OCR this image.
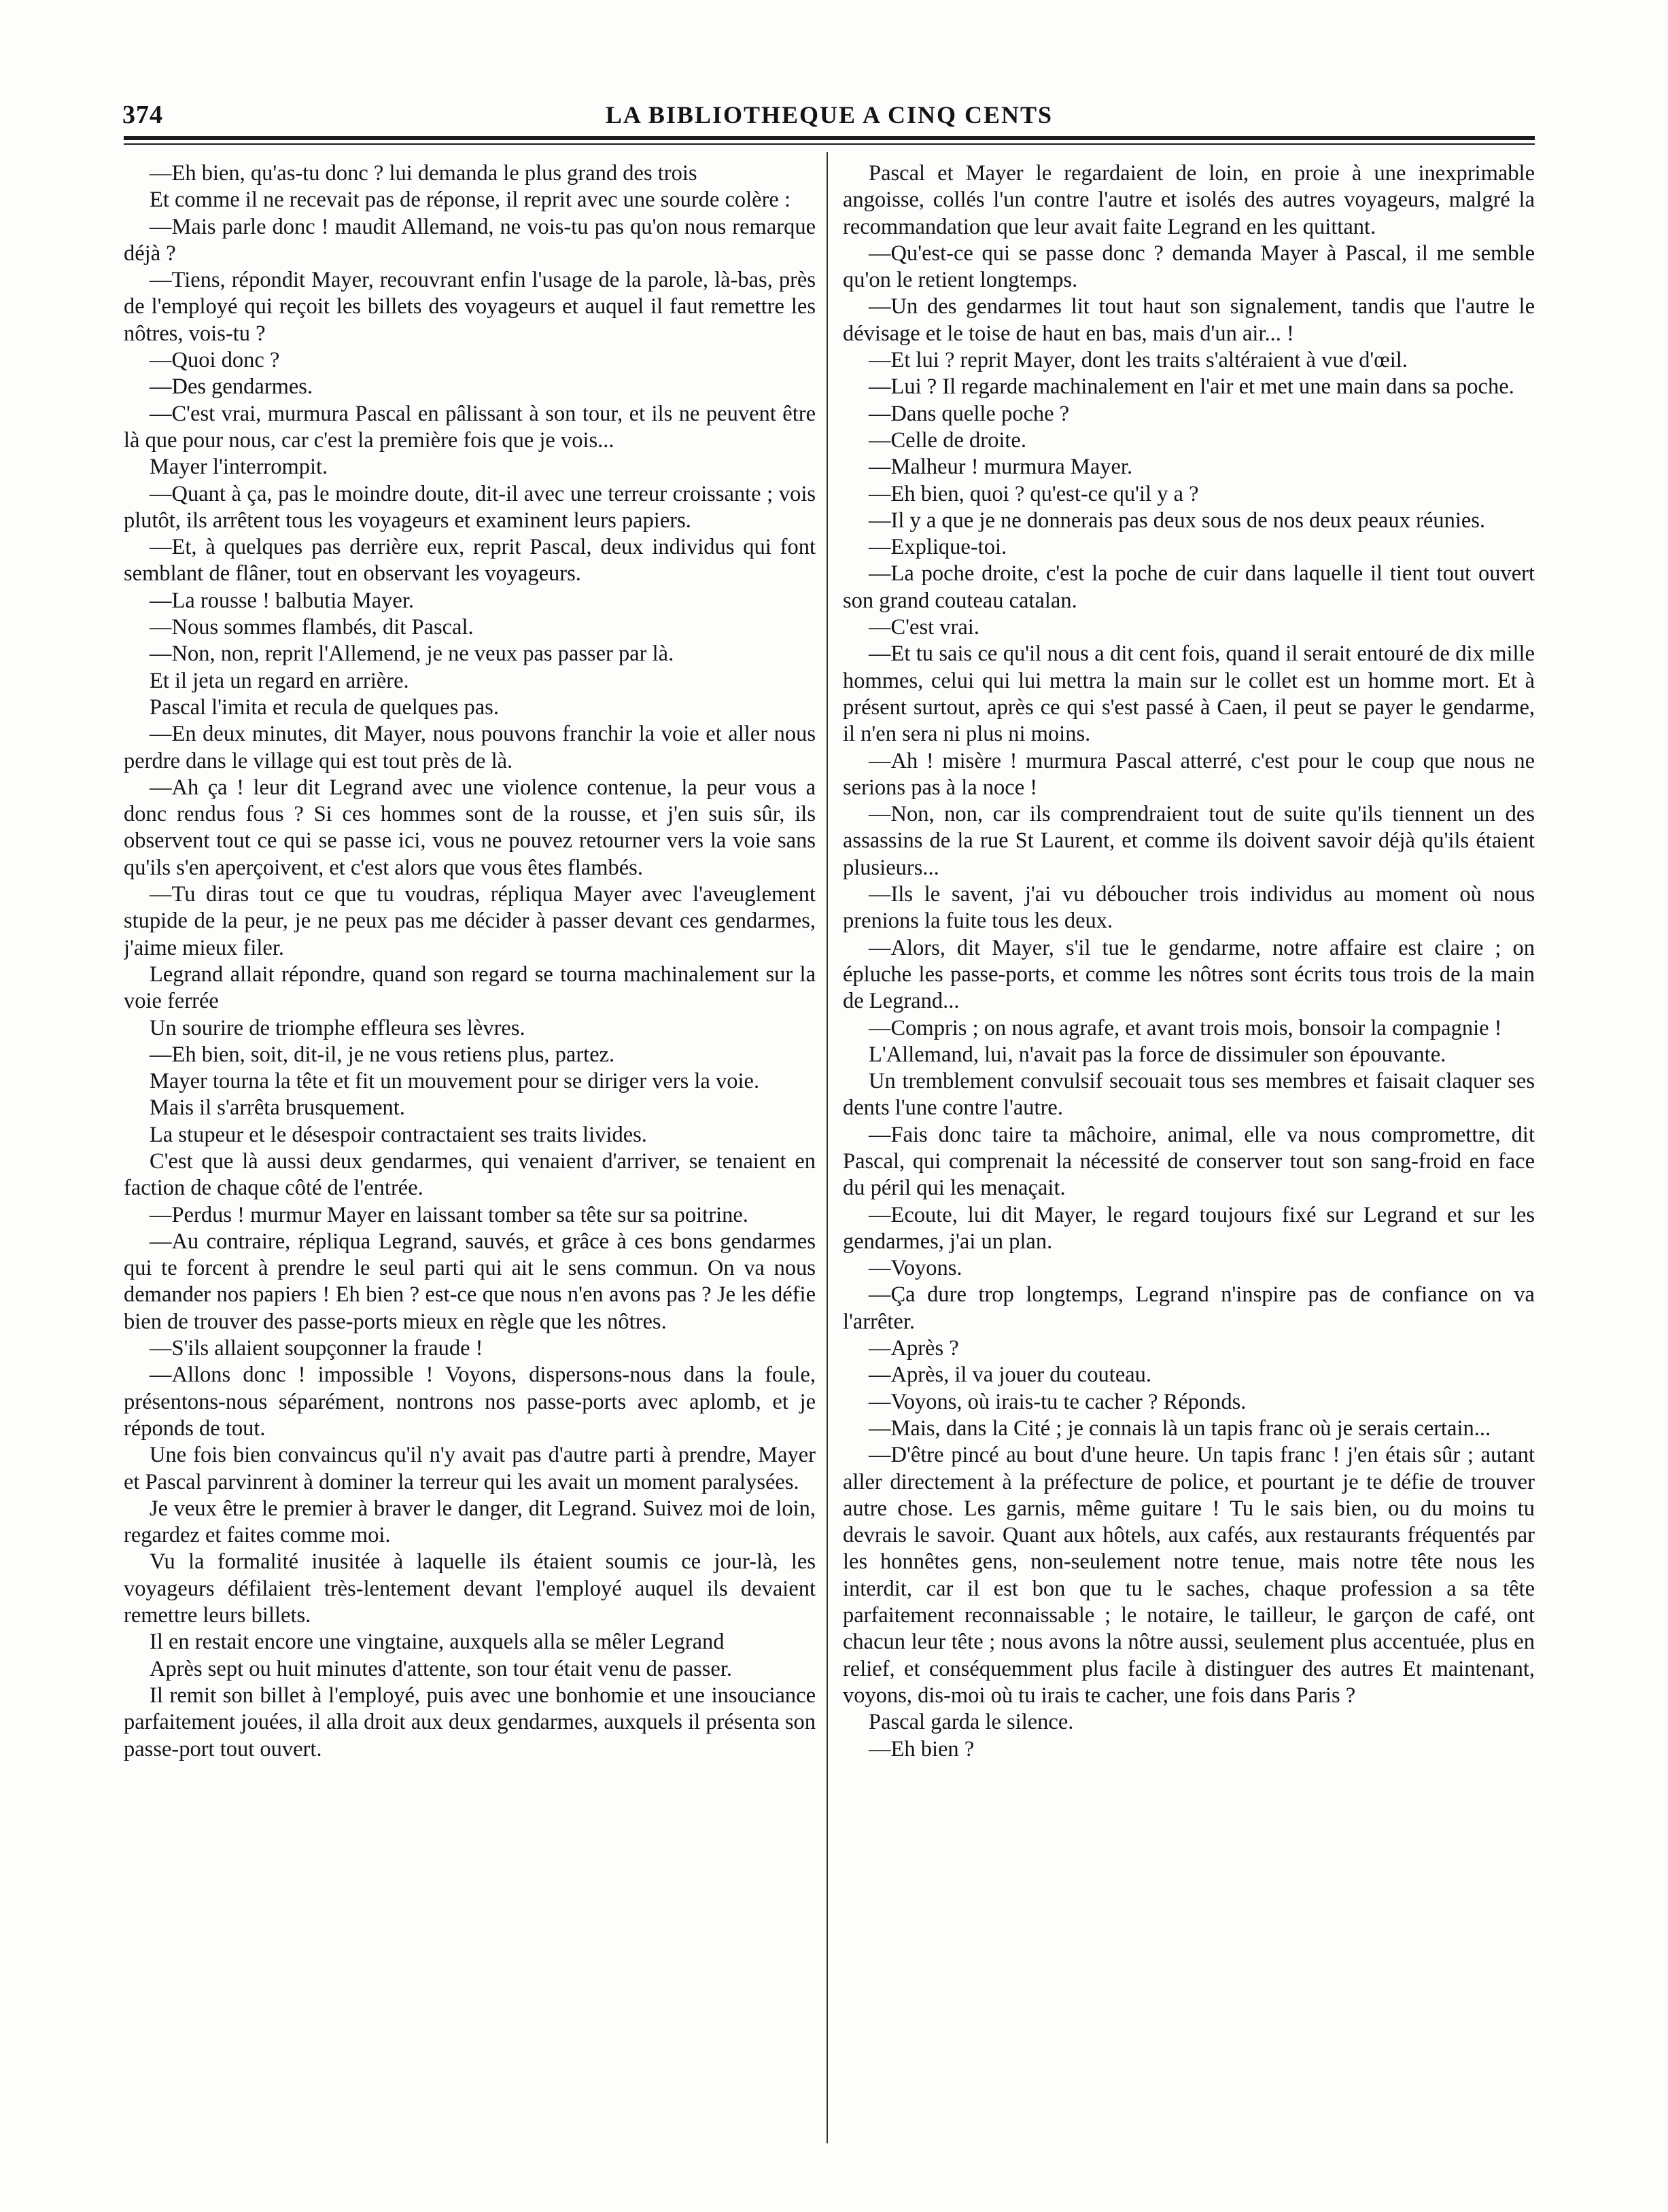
374	LA BIBLIOTHEQUE A CINQ CENTS

—Eh bien, qu'as-tu donc ? lui demanda le plus grand des trois

Et comme il ne recevait pas de réponse, il reprit avec une sourde colère :

—Mais parle donc ! maudit Allemand, ne vois-tu pas qu'on nous remarque déjà ?

—Tiens, répondit Mayer, recouvrant enfin l'usage de la parole, là-bas, près de l'employé qui reçoit les billets des voyageurs et auquel il faut remettre les nôtres, vois-tu ?

—Quoi donc ?

—Des gendarmes.

—C'est vrai, murmura Pascal en pâlissant à son tour, et ils ne peuvent être là que pour nous, car c'est la première fois que je vois...

Mayer l'interrompit.

—Quant à ça, pas le moindre doute, dit-il avec une terreur croissante ; vois plutôt, ils arrêtent tous les voyageurs et examinent leurs papiers.

—Et, à quelques pas derrière eux, reprit Pascal, deux individus qui font semblant de flâner, tout en observant les voyageurs.

—La rousse ! balbutia Mayer.

—Nous sommes flambés, dit Pascal.

—Non, non, reprit l'Allemend, je ne veux pas passer par là.

Et il jeta un regard en arrière.

Pascal l'imita et recula de quelques pas.

—En deux minutes, dit Mayer, nous pouvons franchir la voie et aller nous perdre dans le village qui est tout près de là.

—Ah ça ! leur dit Legrand avec une violence contenue, la peur vous a donc rendus fous ? Si ces hommes sont de la rousse, et j'en suis sûr, ils observent tout ce qui se passe ici, vous ne pouvez retourner vers la voie sans qu'ils s'en aperçoivent, et c'est alors que vous êtes flambés.

—Tu diras tout ce que tu voudras, répliqua Mayer avec l'aveuglement stupide de la peur, je ne peux pas me décider à passer devant ces gendarmes, j'aime mieux filer.

Legrand allait répondre, quand son regard se tourna machinalement sur la voie ferrée

Un sourire de triomphe effleura ses lèvres.

—Eh bien, soit, dit-il, je ne vous retiens plus, partez.

Mayer tourna la tête et fit un mouvement pour se diriger vers la voie.

Mais il s'arrêta brusquement.

La stupeur et le désespoir contractaient ses traits livides.

C'est que là aussi deux gendarmes, qui venaient d'arriver, se tenaient en faction de chaque côté de l'entrée.

—Perdus ! murmur Mayer en laissant tomber sa tête sur sa poitrine.

—Au contraire, répliqua Legrand, sauvés, et grâce à ces bons gendarmes qui te forcent à prendre le seul parti qui ait le sens commun. On va nous demander nos papiers ! Eh bien ? est-ce que nous n'en avons pas ? Je les défie bien de trouver des passe-ports mieux en règle que les nôtres.

—S'ils allaient soupçonner la fraude !

—Allons donc ! impossible ! Voyons, dispersons-nous dans la foule, présentons-nous séparément, nontrons nos passe-ports avec aplomb, et je réponds de tout.

Une fois bien convaincus qu'il n'y avait pas d'autre parti à prendre, Mayer et Pascal parvinrent à dominer la terreur qui les avait un moment paralysées.

Je veux être le premier à braver le danger, dit Legrand. Suivez moi de loin, regardez et faites comme moi.

Vu la formalité inusitée à laquelle ils étaient soumis ce jour-là, les voyageurs défilaient très-lentement devant l'employé auquel ils devaient remettre leurs billets.

Il en restait encore une vingtaine, auxquels alla se mêler Legrand

Après sept ou huit minutes d'attente, son tour était venu de passer.

Il remit son billet à l'employé, puis avec une bonhomie et une insouciance parfaitement jouées, il alla droit aux deux gendarmes, auxquels il présenta son passe-port tout ouvert.

Pascal et Mayer le regardaient de loin, en proie à une inexprimable angoisse, collés l'un contre l'autre et isolés des autres voyageurs, malgré la recommandation que leur avait faite Legrand en les quittant.

—Qu'est-ce qui se passe donc ? demanda Mayer à Pascal, il me semble qu'on le retient longtemps.

—Un des gendarmes lit tout haut son signalement, tandis que l'autre le dévisage et le toise de haut en bas, mais d'un air... !

—Et lui ? reprit Mayer, dont les traits s'altéraient à vue d'œil.

—Lui ? Il regarde machinalement en l'air et met une main dans sa poche.

—Dans quelle poche ?

—Celle de droite.

—Malheur ! murmura Mayer.

—Eh bien, quoi ? qu'est-ce qu'il y a ?

—Il y a que je ne donnerais pas deux sous de nos deux peaux réunies.

—Explique-toi.

—La poche droite, c'est la poche de cuir dans laquelle il tient tout ouvert son grand couteau catalan.

—C'est vrai.

—Et tu sais ce qu'il nous a dit cent fois, quand il serait entouré de dix mille hommes, celui qui lui mettra la main sur le collet est un homme mort. Et à présent surtout, après ce qui s'est passé à Caen, il peut se payer le gendarme, il n'en sera ni plus ni moins.

—Ah ! misère ! murmura Pascal atterré, c'est pour le coup que nous ne serions pas à la noce !

—Non, non, car ils comprendraient tout de suite qu'ils tiennent un des assassins de la rue St Laurent, et comme ils doivent savoir déjà qu'ils étaient plusieurs...

—Ils le savent, j'ai vu déboucher trois individus au moment où nous prenions la fuite tous les deux.

—Alors, dit Mayer, s'il tue le gendarme, notre affaire est claire ; on épluche les passe-ports, et comme les nôtres sont écrits tous trois de la main de Legrand...

—Compris ; on nous agrafe, et avant trois mois, bonsoir la compagnie !

L'Allemand, lui, n'avait pas la force de dissimuler son épouvante.

Un tremblement convulsif secouait tous ses membres et faisait claquer ses dents l'une contre l'autre.

—Fais donc taire ta mâchoire, animal, elle va nous compromettre, dit Pascal, qui comprenait la nécessité de conserver tout son sang-froid en face du péril qui les menaçait.

—Ecoute, lui dit Mayer, le regard toujours fixé sur Legrand et sur les gendarmes, j'ai un plan.

—Voyons.

—Ça dure trop longtemps, Legrand n'inspire pas de confiance on va l'arrêter.

—Après ?

—Après, il va jouer du couteau.

—Voyons, où irais-tu te cacher ? Réponds.

—Mais, dans la Cité ; je connais là un tapis franc où je serais certain...

—D'être pincé au bout d'une heure. Un tapis franc ! j'en étais sûr ; autant aller directement à la préfecture de police, et pourtant je te défie de trouver autre chose. Les garnis, même guitare ! Tu le sais bien, ou du moins tu devrais le savoir. Quant aux hôtels, aux cafés, aux restaurants fréquentés par les honnêtes gens, non-seulement notre tenue, mais notre tête nous les interdit, car il est bon que tu le saches, chaque profession a sa tête parfaitement reconnaissable ; le notaire, le tailleur, le garçon de café, ont chacun leur tête ; nous avons la nôtre aussi, seulement plus accentuée, plus en relief, et conséquemment plus facile à distinguer des autres Et maintenant, voyons, dis-moi où tu irais te cacher, une fois dans Paris ?

Pascal garda le silence.

—Eh bien ?
